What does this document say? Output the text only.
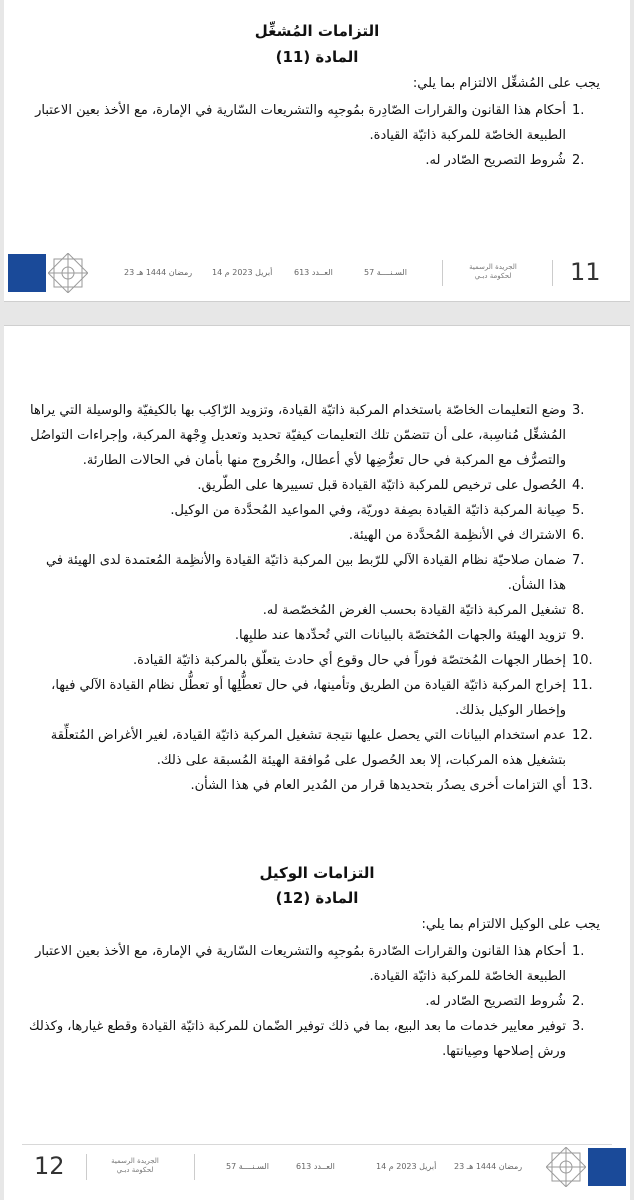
التزامات المُشغِّل
المادة (11)
يجب على المُشغِّل الالتزام بما يلي:
1.
أحكام هذا القانون والقرارات الصّادِرة بمُوجبِه والتشريعات السّارية في الإمارة، مع الأخذ بعين الاعتبار الطبيعة الخاصّة للمركبة ذاتيّة القيادة.
2.
شُروط التصريح الصّادر له.
23 رمضان 1444 هـ 14 أبريل 2023 م	العــدد 613	السـنــــة 57
الجريدة الرسمية
لحكومة دبـي	11
3.
وضع التعليمات الخاصّة باستخدام المركبة ذاتيّة القيادة، وتزويد الرّاكِب بها بالكيفيّة والوسيلة التي يراها المُشغِّل مُناسِبة، على أن تتضمّن تلك التعليمات كيفيّة تحديد وتعديل وِجْهة المركبة، وإجراءات التواصُل والتصرُّف مع المركبة في حال تعرُّضِها لأي أعطال، والخُروج منها بأمان في الحالات الطارئة.
4.
الحُصول على ترخيص للمركبة ذاتيّة القيادة قبل تسييرها على الطّريق.
5.
صِيانة المركبة ذاتيّة القيادة بصِفة دوريّة، وفي المواعيد المُحدَّدة من الوكيل.
6.
الاشتراك في الأنظِمة المُحدَّدة من الهيئة.
7.
ضمان صلاحيّة نظام القيادة الآلي للرّبط بين المركبة ذاتيّة القيادة والأنظِمة المُعتمدة لدى الهيئة في هذا الشأن.
8.
تشغيل المركبة ذاتيّة القيادة بحسب الغرض المُخصّصة له.
9.
تزويد الهيئة والجهات المُختصّة بالبيانات التي تُحدِّدها عند طلبِها.
10.
إخطار الجهات المُختصّة فوراً في حال وقوع أي حادث يتعلّق بالمركبة ذاتيّة القيادة.
11.
إخراج المركبة ذاتيّة القيادة من الطريق وتأمينها، في حال تعطُّلِها أو تعطُّل نظام القيادة الآلي فيها، وإخطار الوكيل بذلك.
12.
عدم استخدام البيانات التي يحصل عليها نتيجة تشغيل المركبة ذاتيّة القيادة، لغير الأغراض المُتعلِّقة بتشغيل هذه المركبات، إلا بعد الحُصول على مُوافقة الهيئة المُسبقة على ذلك.
13.
أي التزامات أخرى يصدُر بتحديدها قرار من المُدير العام في هذا الشأن.
التزامات الوكيل
المادة (12)
يجب على الوكيل الالتزام بما يلي:
1.
أحكام هذا القانون والقرارات الصّادرة بمُوجبِه والتشريعات السّارية في الإمارة، مع الأخذ بعين الاعتبار الطبيعة الخاصّة للمركبة ذاتيّة القيادة.
2.
شُروط التصريح الصّادر له.
3.
توفير معايير خدمات ما بعد البيع، بما في ذلك توفير الضّمان للمركبة ذاتيّة القيادة وقطع غيارها، وكذلك ورش إصلاحها وصِيانتها.
12	الجريدة الرسمية
لحكومة دبـي	السـنــــة 57	العــدد 613	14 أبريل 2023 م 23 رمضان 1444 هـ
